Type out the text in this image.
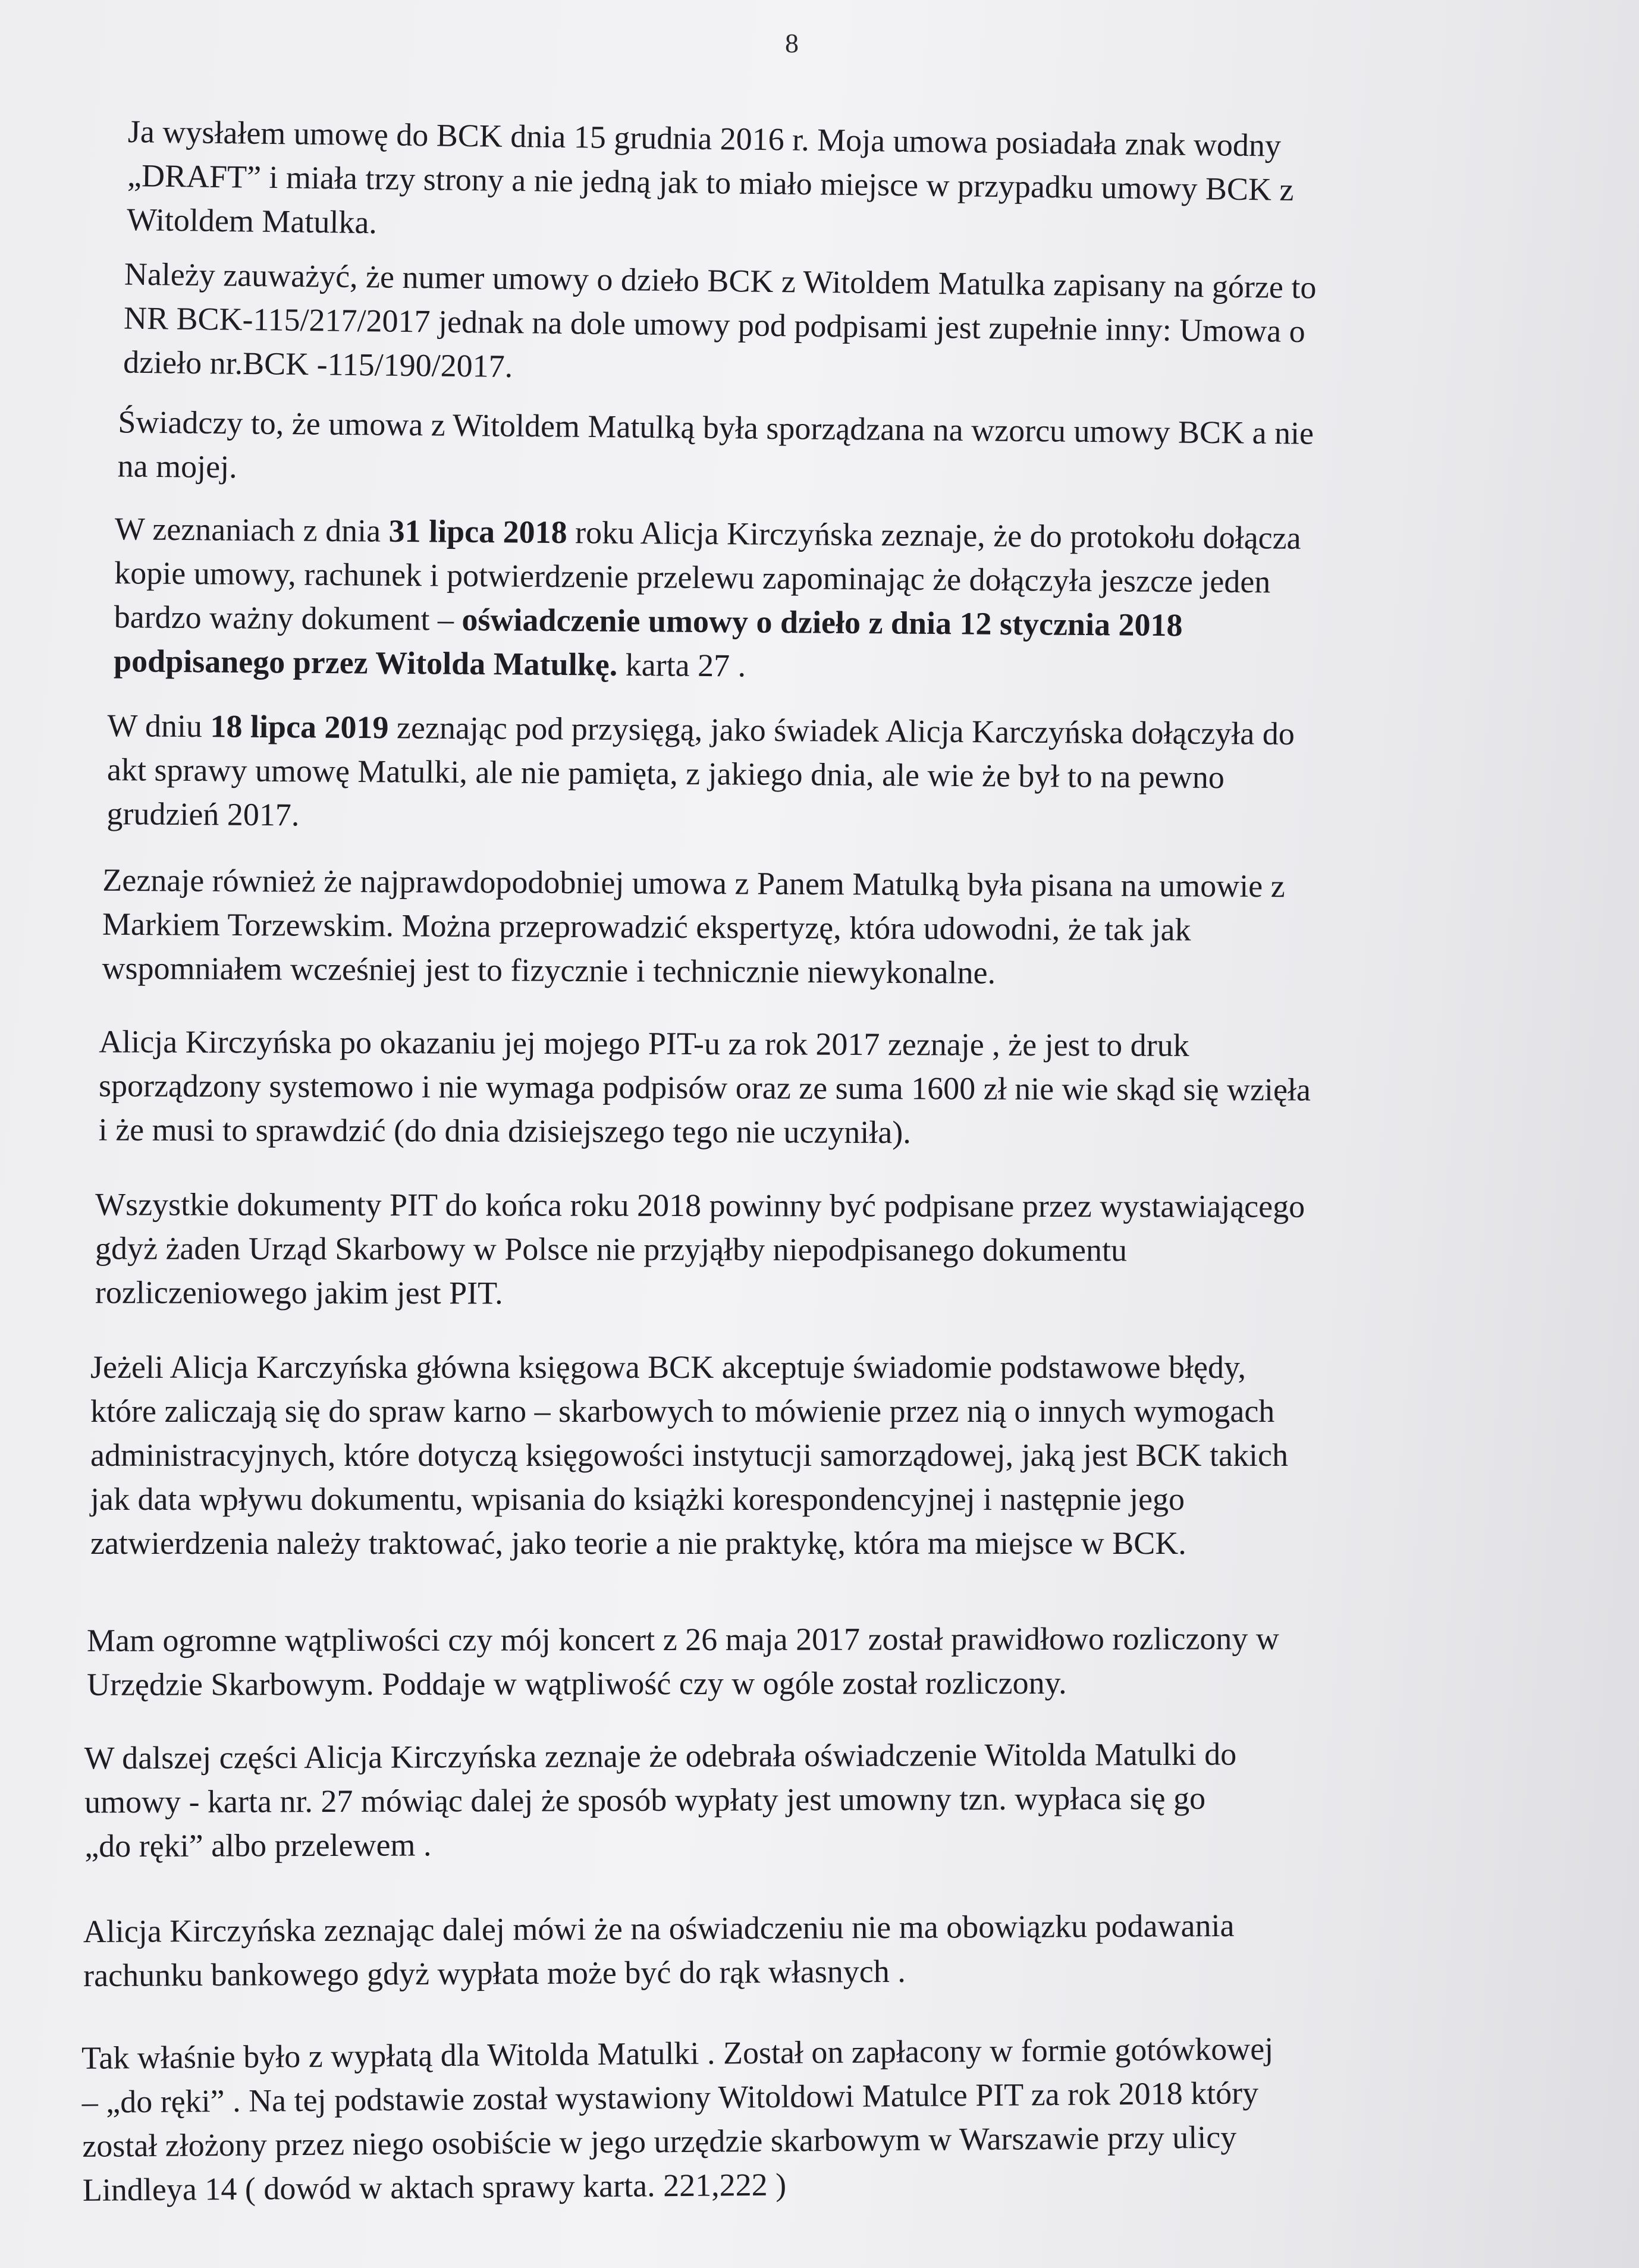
8
Ja wysłałem umowę do BCK dnia 15 grudnia 2016 r. Moja umowa posiadała znak wodny
„DRAFT” i miała trzy strony a nie jedną jak to miało miejsce w przypadku umowy BCK z
Witoldem Matulka.
Należy zauważyć, że numer umowy o dzieło BCK z Witoldem Matulka zapisany na górze to
NR BCK-115/217/2017 jednak na dole umowy pod podpisami jest zupełnie inny: Umowa o
dzieło nr.BCK -115/190/2017.
Świadczy to, że umowa z Witoldem Matulką była sporządzana na wzorcu umowy BCK a nie
na mojej.
W zeznaniach z dnia 31 lipca 2018 roku Alicja Kirczyńska zeznaje, że do protokołu dołącza
kopie umowy, rachunek i potwierdzenie przelewu zapominając że dołączyła jeszcze jeden
bardzo ważny dokument – oświadczenie umowy o dzieło z dnia 12 stycznia 2018
podpisanego przez Witolda Matulkę. karta 27 .
W dniu 18 lipca 2019 zeznając pod przysięgą, jako świadek Alicja Karczyńska dołączyła do
akt sprawy umowę Matulki, ale nie pamięta, z jakiego dnia, ale wie że był to na pewno
grudzień 2017.
Zeznaje również że najprawdopodobniej umowa z Panem Matulką była pisana na umowie z
Markiem Torzewskim. Można przeprowadzić ekspertyzę, która udowodni, że tak jak
wspomniałem wcześniej jest to fizycznie i technicznie niewykonalne.
Alicja Kirczyńska po okazaniu jej mojego PIT-u za rok 2017 zeznaje , że jest to druk
sporządzony systemowo i nie wymaga podpisów oraz ze suma 1600 zł nie wie skąd się wzięła
i że musi to sprawdzić (do dnia dzisiejszego tego nie uczyniła).
Wszystkie dokumenty PIT do końca roku 2018 powinny być podpisane przez wystawiającego
gdyż żaden Urząd Skarbowy w Polsce nie przyjąłby niepodpisanego dokumentu
rozliczeniowego jakim jest PIT.
Jeżeli Alicja Karczyńska główna księgowa BCK akceptuje świadomie podstawowe błędy,
które zaliczają się do spraw karno – skarbowych to mówienie przez nią o innych wymogach
administracyjnych, które dotyczą księgowości instytucji samorządowej, jaką jest BCK takich
jak data wpływu dokumentu, wpisania do książki korespondencyjnej i następnie jego
zatwierdzenia należy traktować, jako teorie a nie praktykę, która ma miejsce w BCK.
Mam ogromne wątpliwości czy mój koncert z 26 maja 2017 został prawidłowo rozliczony w
Urzędzie Skarbowym. Poddaje w wątpliwość czy w ogóle został rozliczony.
W dalszej części Alicja Kirczyńska zeznaje że odebrała oświadczenie Witolda Matulki do
umowy - karta nr. 27 mówiąc dalej że sposób wypłaty jest umowny tzn. wypłaca się go
„do ręki” albo przelewem .
Alicja Kirczyńska zeznając dalej mówi że na oświadczeniu nie ma obowiązku podawania
rachunku bankowego gdyż wypłata może być do rąk własnych .
Tak właśnie było z wypłatą dla Witolda Matulki . Został on zapłacony w formie gotówkowej
– „do ręki” . Na tej podstawie został wystawiony Witoldowi Matulce PIT za rok 2018 który
został złożony przez niego osobiście w jego urzędzie skarbowym w Warszawie przy ulicy
Lindleya 14 ( dowód w aktach sprawy karta. 221,222 )
